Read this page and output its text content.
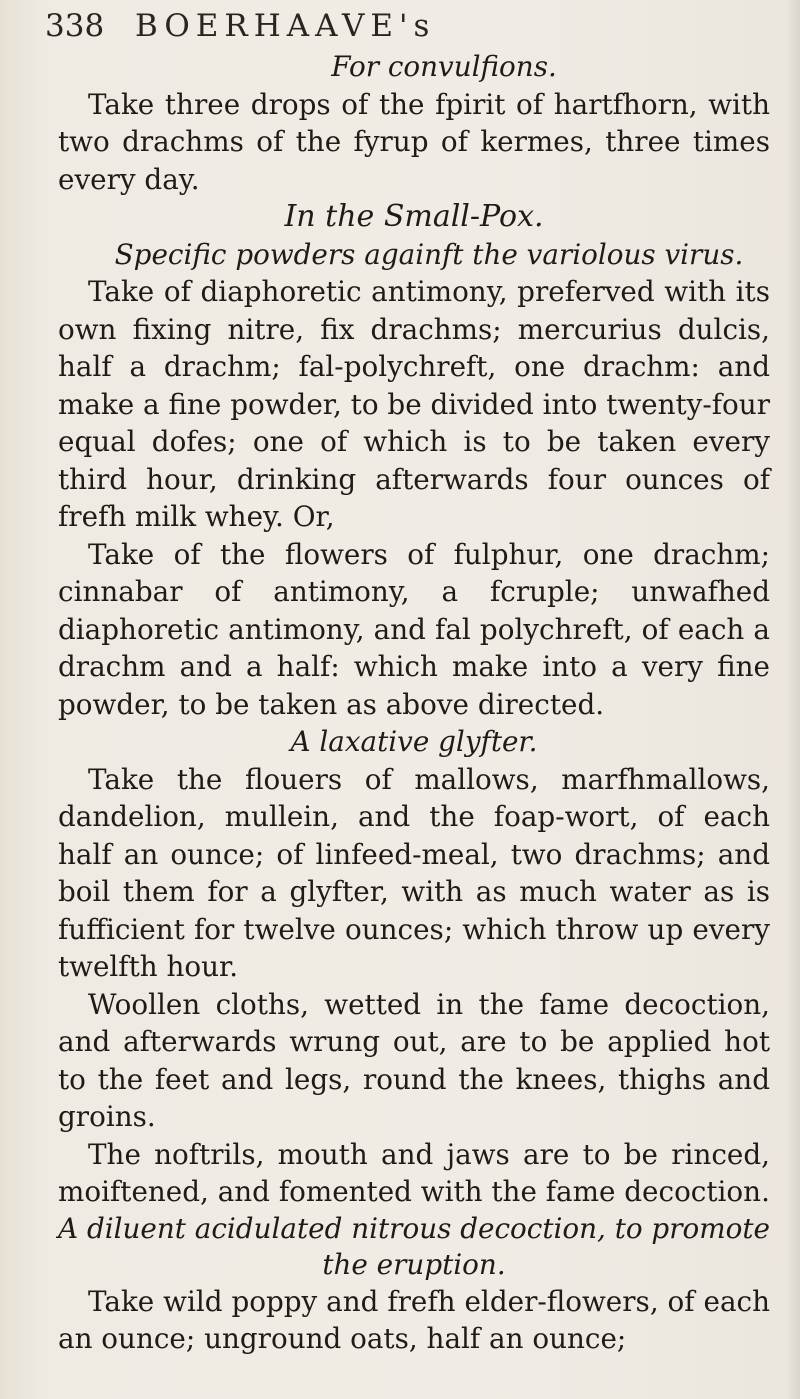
338 BOERHAAVE's
For convulfions.

Take three drops of the fpirit of hartfhorn, with two drachms of the fyrup of kermes, three times every day.

In the Small-Pox.
Specific powders againft the variolous virus.

Take of diaphoretic antimony, preferved with its own fixing nitre, fix drachms; mercurius dulcis, half a drachm; fal-polychreft, one drachm: and make a fine powder, to be divided into twenty-four equal dofes; one of which is to be taken every third hour, drinking afterwards four ounces of frefh milk whey. Or,

Take of the flowers of fulphur, one drachm; cinnabar of antimony, a fcruple; unwafhed diaphoretic antimony, and fal polychreft, of each a drachm and a half: which make into a very fine powder, to be taken as above directed.

A laxative glyfter.

Take the flouers of mallows, marfhmallows, dandelion, mullein, and the foap-wort, of each half an ounce; of linfeed-meal, two drachms; and boil them for a glyfter, with as much water as is fufficient for twelve ounces; which throw up every twelfth hour.

Woollen cloths, wetted in the fame decoction, and afterwards wrung out, are to be applied hot to the feet and legs, round the knees, thighs and groins.

The noftrils, mouth and jaws are to be rinced, moiftened, and fomented with the fame decoction.

A diluent acidulated nitrous decoction, to promote
the eruption.

Take wild poppy and frefh elder-flowers, of each an ounce; unground oats, half an ounce;
